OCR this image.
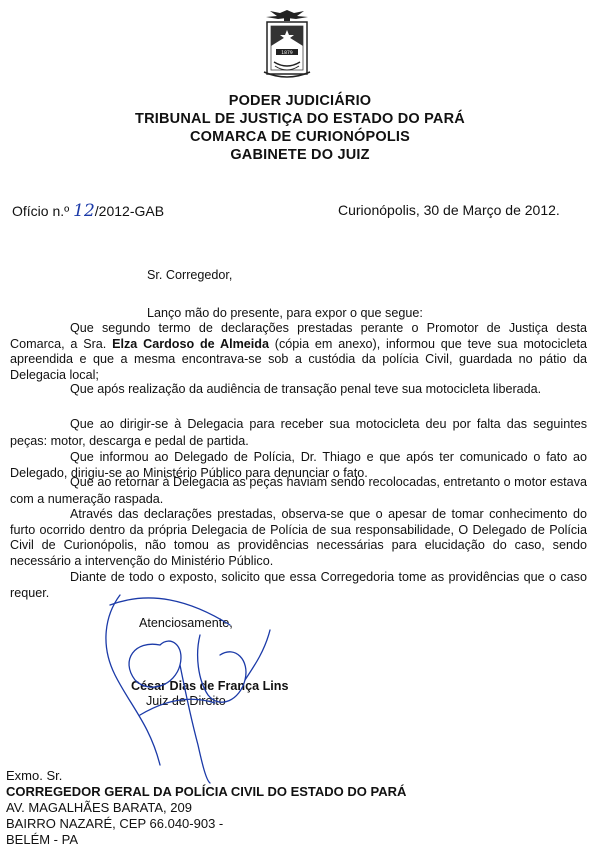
1879
PODER JUDICIÁRIO
TRIBUNAL DE JUSTIÇA DO ESTADO DO PARÁ
COMARCA DE CURIONÓPOLIS
GABINETE DO JUIZ
Ofício n.º 12/2012-GAB	Curionópolis, 30 de Março de 2012.
Sr. Corregedor,
Lanço mão do presente, para expor o que segue:
Que segundo termo de declarações prestadas perante o Promotor de Justiça desta Comarca, a Sra. Elza Cardoso de Almeida (cópia em anexo), informou que teve sua motocicleta apreendida e que a mesma encontrava-se sob a custódia da polícia Civil, guardada no pátio da Delegacia local;
Que após realização da audiência de transação penal teve sua motocicleta liberada.
Que ao dirigir-se à Delegacia para receber sua motocicleta deu por falta das seguintes peças: motor, descarga e pedal de partida.
Que informou ao Delegado de Polícia, Dr. Thiago e que após ter comunicado o fato ao Delegado, dirigiu-se ao Ministério Público para denunciar o fato.
Que ao retornar à Delegacia as peças haviam sendo recolocadas, entretanto o motor estava com a numeração raspada.
Através das declarações prestadas, observa-se que o apesar de tomar conhecimento do furto ocorrido dentro da própria Delegacia de Polícia de sua responsabilidade, O Delegado de Polícia Civil de Curionópolis, não tomou as providências necessárias para elucidação do caso, sendo necessário a intervenção do Ministério Público.
Diante de todo o exposto, solicito que essa Corregedoria tome as providências que o caso requer.
Atenciosamente,
César Dias de França Lins
Juiz de Direito
Exmo. Sr.
CORREGEDOR GERAL DA POLÍCIA CIVIL DO ESTADO DO PARÁ
AV. MAGALHÃES BARATA, 209
BAIRRO NAZARÉ, CEP 66.040-903 -
BELÉM - PA
